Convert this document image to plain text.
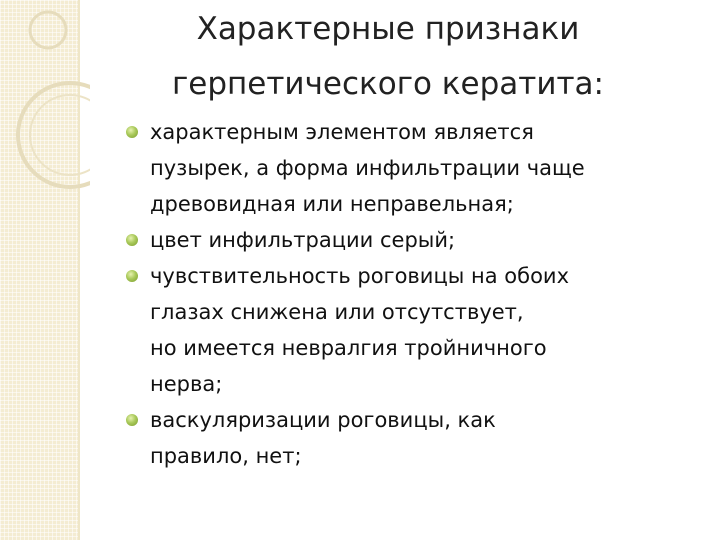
Характерные признаки
герпетического кератита:
характерным элементом является
пузырек, а форма инфильтрации чаще
древовидная или неправельная;
цвет инфильтрации серый;
чувствительность роговицы на обоих
глазах снижена или отсутствует,
но имеется невралгия тройничного
нерва;
васкуляризации роговицы, как
правило, нет;
